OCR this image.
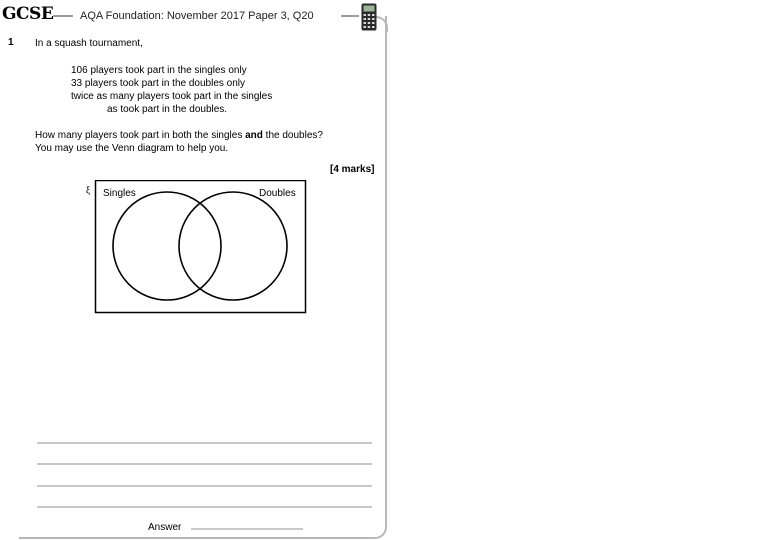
GCSE AQA Foundation: November 2017 Paper 3, Q20
1 In a squash tournament,
106 players took part in the singles only
33 players took part in the doubles only
twice as many players took part in the singles
as took part in the doubles.
How many players took part in both the singles and the doubles?
You may use the Venn diagram to help you.
[4 marks]
ξ Singles	Doubles
Answer
